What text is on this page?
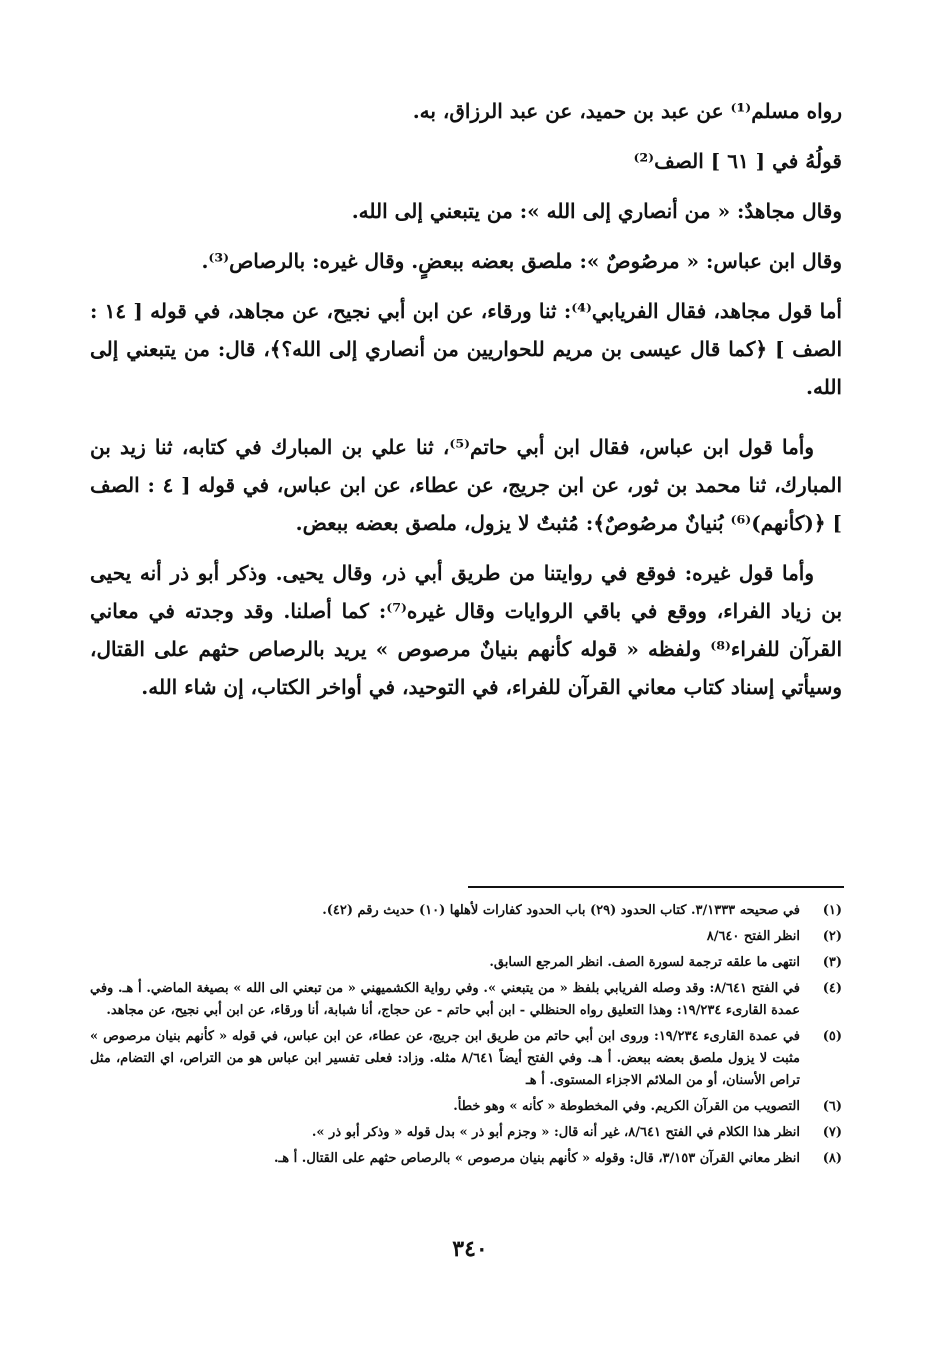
رواه مسلم⁽¹⁾ عن عبد بن حميد، عن عبد الرزاق، به.

قولُهُ في [ ٦١ ] الصف⁽²⁾

وقال مجاهدٌ: « من أنصاري إلى الله »: من يتبعني إلى الله.

وقال ابن عباس: « مرصُوصٌ »: ملصق بعضه ببعضٍ. وقال غيره: بالرصاص⁽³⁾.

أما قول مجاهد، فقال الفريابي⁽⁴⁾: ثنا ورقاء، عن ابن أبي نجيح، عن مجاهد، في قوله [ ١٤ : الصف ] ﴿كما قال عيسى بن مريم للحواريين من أنصاري إلى الله؟﴾، قال: من يتبعني إلى الله.

وأما قول ابن عباس، فقال ابن أبي حاتم⁽⁵⁾، ثنا علي بن المبارك في كتابه، ثنا زيد بن المبارك، ثنا محمد بن ثور، عن ابن جريج، عن عطاء، عن ابن عباس، في قوله [ ٤ : الصف ] ﴿(كأنهم)⁽⁶⁾ بُنيانٌ مرصُوصٌ﴾: مُثبتٌ لا يزول، ملصق بعضه ببعض.

وأما قول غيره: فوقع في روايتنا من طريق أبي ذر، وقال يحيى. وذكر أبو ذر أنه يحيى بن زياد الفراء، ووقع في باقي الروايات وقال غيره⁽⁷⁾: كما أصلنا. وقد وجدته في معاني القرآن للفراء⁽⁸⁾ ولفظه « قوله كأنهم بنيانٌ مرصوص » يريد بالرصاص حثهم على القتال، وسيأتي إسناد كتاب معاني القرآن للفراء، في التوحيد، في أواخر الكتاب، إن شاء الله.

(١)
في صحيحه ٣/١٣٣٣. كتاب الحدود (٢٩) باب الحدود كفارات لأهلها (١٠) حديث رقم (٤٢).
(٢)
انظر الفتح ٨/٦٤٠
(٣)
انتهى ما علقه ترجمة لسورة الصف. انظر المرجع السابق.
(٤)
في الفتح ٨/٦٤١: وقد وصله الفريابي بلفظ « من يتبعني ». وفي رواية الكشميهني « من تبعني الى الله » بصيغة الماضي. أ هـ. وفي عمدة القارىء ١٩/٢٣٤: وهذا التعليق رواه الحنظلي - ابن أبي حاتم - عن حجاج، أنا شبابة، أنا ورقاء، عن ابن أبي نجيح، عن مجاهد.
(٥)
في عمدة القارىء ١٩/٢٣٤: وروى ابن أبي حاتم من طريق ابن جريج، عن عطاء، عن ابن عباس، في قوله « كأنهم بنيان مرصوص » مثبت لا يزول ملصق بعضه ببعض. أ هـ. وفي الفتح أيضاً ٨/٦٤١ مثله. وزاد: فعلى تفسير ابن عباس هو من التراص، اي التضام، مثل تراص الأسنان، أو من الملائم الاجزاء المستوى. أ هـ
(٦)
التصويب من القرآن الكريم. وفي المخطوطة « كأنه » وهو خطأ.
(٧)
انظر هذا الكلام في الفتح ٨/٦٤١، غير أنه قال: « وجزم أبو ذر » بدل قوله « وذكر أبو ذر ».
(٨)
انظر معاني القرآن ٣/١٥٣، قال: وقوله « كأنهم بنيان مرصوص » بالرصاص حثهم على القتال. أ هـ.
٣٤٠
